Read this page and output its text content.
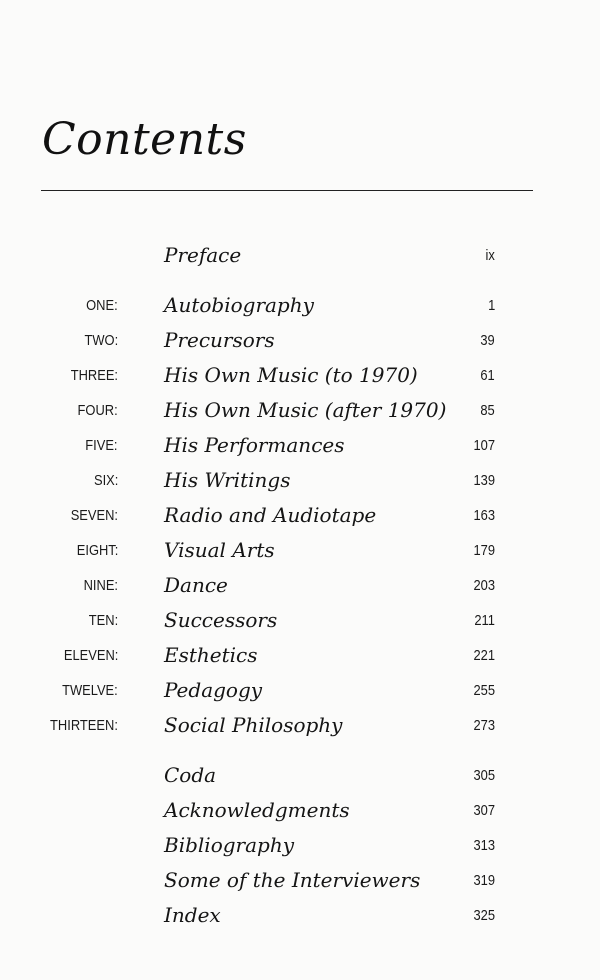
Contents
Preface	ix
ONE: Autobiography	1
TWO: Precursors	39
THREE: His Own Music (to 1970)	61
FOUR: His Own Music (after 1970) 85
FIVE: His Performances	107
SIX: His Writings	139
SEVEN: Radio and Audiotape	163
EIGHT: Visual Arts	179
NINE: Dance	203
TEN: Successors	211
ELEVEN: Esthetics	221
TWELVE: Pedagogy	255
THIRTEEN: Social Philosophy	273
Coda	305
Acknowledgments	307
Bibliography	313
Some of the Interviewers	319
Index	325
